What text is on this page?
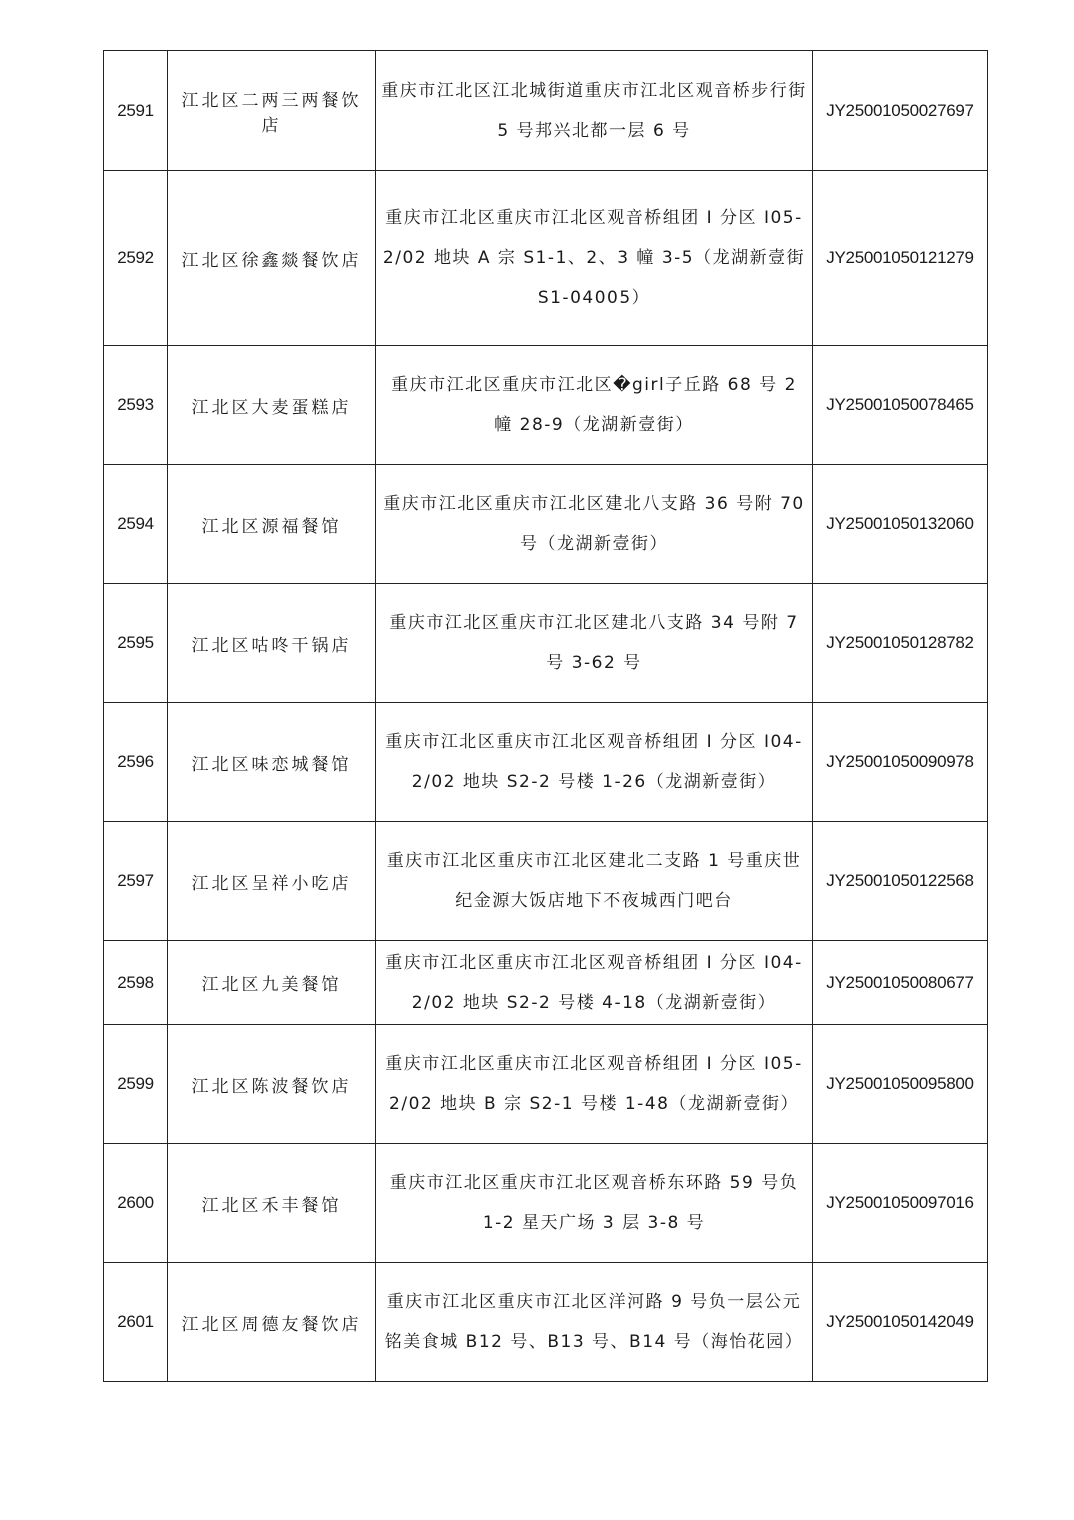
2591	江北区二两三两餐饮店	重庆市江北区江北城街道重庆市江北区观音桥步行街 5 号邦兴北都一层 6 号	JY25001050027697
2592	江北区徐鑫燚餐饮店	重庆市江北区重庆市江北区观音桥组团 I 分区 I05-2/02 地块 A 宗 S1-1、2、3 幢 3-5（龙湖新壹街 S1-04005）	JY25001050121279
2593	江北区大麦蛋糕店	重庆市江北区重庆市江北区�girl子丘路 68 号 2 幢 28-9（龙湖新壹街）	JY25001050078465
2594	江北区源福餐馆	重庆市江北区重庆市江北区建北八支路 36 号附 70 号（龙湖新壹街）	JY25001050132060
2595	江北区咕咚干锅店	重庆市江北区重庆市江北区建北八支路 34 号附 7 号 3-62 号	JY25001050128782
2596	江北区味恋城餐馆	重庆市江北区重庆市江北区观音桥组团 I 分区 I04-2/02 地块 S2-2 号楼 1-26（龙湖新壹街）	JY25001050090978
2597	江北区呈祥小吃店	重庆市江北区重庆市江北区建北二支路 1 号重庆世纪金源大饭店地下不夜城西门吧台	JY25001050122568
2598	江北区九美餐馆	重庆市江北区重庆市江北区观音桥组团 I 分区 I04-2/02 地块 S2-2 号楼 4-18（龙湖新壹街）	JY25001050080677
2599	江北区陈波餐饮店	重庆市江北区重庆市江北区观音桥组团 I 分区 I05-2/02 地块 B 宗 S2-1 号楼 1-48（龙湖新壹街）	JY25001050095800
2600	江北区禾丰餐馆	重庆市江北区重庆市江北区观音桥东环路 59 号负 1-2 星天广场 3 层 3-8 号	JY25001050097016
2601	江北区周德友餐饮店	重庆市江北区重庆市江北区洋河路 9 号负一层公元铭美食城 B12 号、B13 号、B14 号（海怡花园）	JY25001050142049
